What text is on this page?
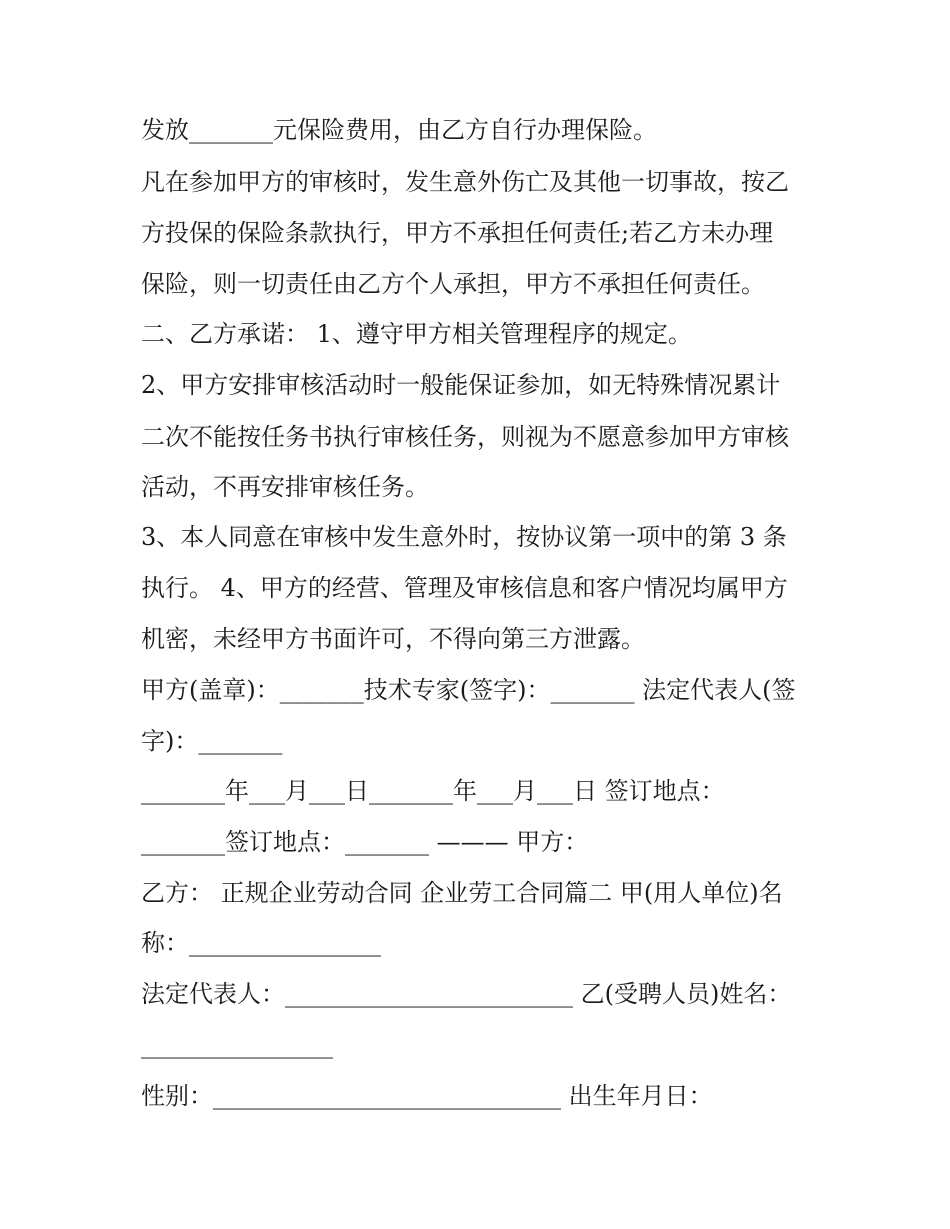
发放_______元保险费用，由乙方自行办理保险。
凡在参加甲方的审核时，发生意外伤亡及其他一切事故，按乙
方投保的保险条款执行，甲方不承担任何责任;若乙方未办理
保险，则一切责任由乙方个人承担，甲方不承担任何责任。
二、乙方承诺： 1、遵守甲方相关管理程序的规定。
2、甲方安排审核活动时一般能保证参加，如无特殊情况累计
二次不能按任务书执行审核任务，则视为不愿意参加甲方审核
活动，不再安排审核任务。
3、本人同意在审核中发生意外时，按协议第一项中的第 3 条
执行。 4、甲方的经营、管理及审核信息和客户情况均属甲方
机密，未经甲方书面许可，不得向第三方泄露。
甲方(盖章)：_______技术专家(签字)：_______ 法定代表人(签
字)：_______
_______年___月___日_______年___月___日 签订地点：
_______签订地点：_______ ——— 甲方：
乙方： 正规企业劳动合同 企业劳工合同篇二 甲(用人单位)名
称：________________
法定代表人：________________________ 乙(受聘人员)姓名：
________________
性别：_____________________________ 出生年月日：
